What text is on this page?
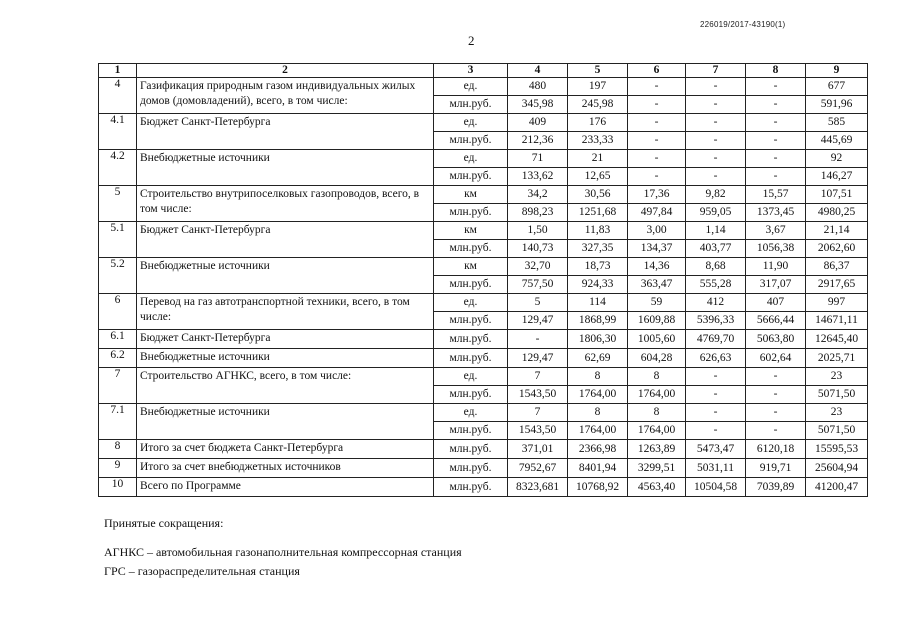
226019/2017-43190(1)
2
1	2	3	4	5	6	7	8	9
4	Газификация природным газом индивидуальных жилых домов (домовладений), всего, в том числе:	ед.	480	197	-	-	-	677
		млн.руб.	345,98	245,98	-	-	-	591,96
4.1	Бюджет Санкт-Петербурга	ед.	409	176	-	-	-	585
		млн.руб.	212,36	233,33	-	-	-	445,69
4.2	Внебюджетные источники	ед.	71	21	-	-	-	92
		млн.руб.	133,62	12,65	-	-	-	146,27
5	Строительство внутрипоселковых газопроводов, всего, в том числе:	км	34,2	30,56	17,36	9,82	15,57	107,51
		млн.руб.	898,23	1251,68	497,84	959,05	1373,45	4980,25
5.1	Бюджет Санкт-Петербурга	км	1,50	11,83	3,00	1,14	3,67	21,14
		млн.руб.	140,73	327,35	134,37	403,77	1056,38	2062,60
5.2	Внебюджетные источники	км	32,70	18,73	14,36	8,68	11,90	86,37
		млн.руб.	757,50	924,33	363,47	555,28	317,07	2917,65
6	Перевод на газ автотранспортной техники, всего, в том числе:	ед.	5	114	59	412	407	997
		млн.руб.	129,47	1868,99	1609,88	5396,33	5666,44	14671,11
6.1	Бюджет Санкт-Петербурга	млн.руб.	-	1806,30	1005,60	4769,70	5063,80	12645,40
6.2	Внебюджетные источники	млн.руб.	129,47	62,69	604,28	626,63	602,64	2025,71
7	Строительство АГНКС, всего, в том числе:	ед.	7	8	8	-	-	23
		млн.руб.	1543,50	1764,00	1764,00	-	-	5071,50
7.1	Внебюджетные источники	ед.	7	8	8	-	-	23
		млн.руб.	1543,50	1764,00	1764,00	-	-	5071,50
8	Итого за счет бюджета Санкт-Петербурга	млн.руб.	371,01	2366,98	1263,89	5473,47	6120,18	15595,53
9	Итого за счет внебюджетных источников	млн.руб.	7952,67	8401,94	3299,51	5031,11	919,71	25604,94
10	Всего по Программе	млн.руб.	8323,681	10768,92	4563,40	10504,58	7039,89	41200,47

Принятые сокращения:

АГНКС – автомобильная газонаполнительная компрессорная станция

ГРС – газораспределительная станция
